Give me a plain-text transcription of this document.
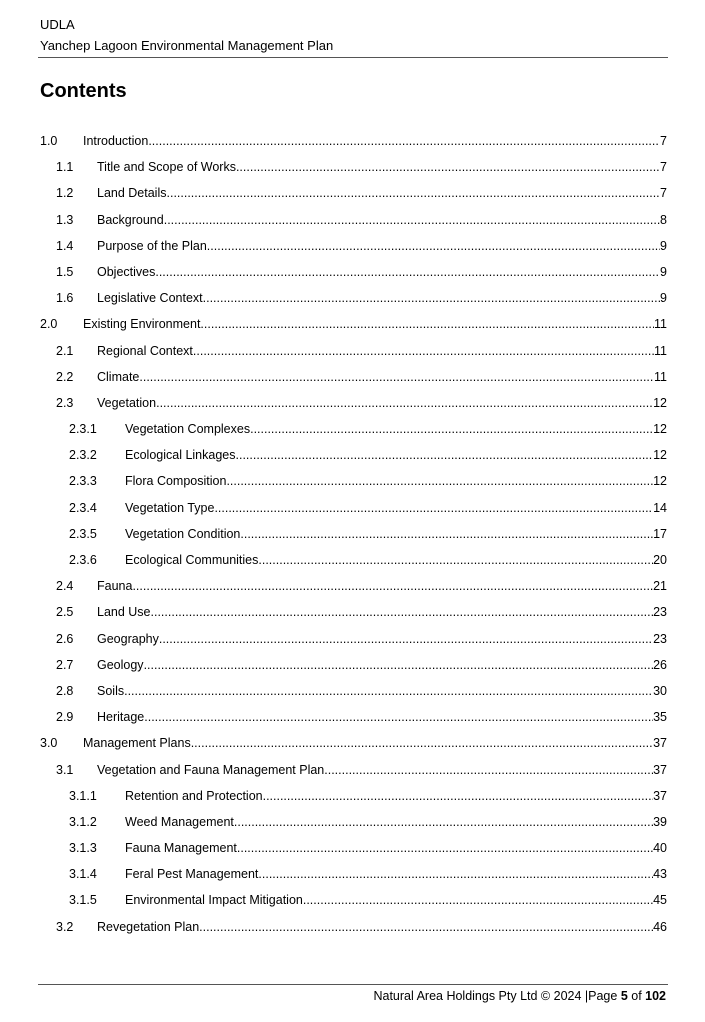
UDLA
Yanchep Lagoon Environmental Management Plan
Contents
1.0 Introduction .....	7
1.1 Title and Scope of Works .....	7
1.2 Land Details .....	7
1.3 Background .....	8
1.4 Purpose of the Plan .....	9
1.5 Objectives .....	9
1.6 Legislative Context .....	9
2.0 Existing Environment .....	11
2.1 Regional Context .....	11
2.2 Climate .....	11
2.3 Vegetation .....	12
2.3.1 Vegetation Complexes .....	12
2.3.2 Ecological Linkages .....	12
2.3.3 Flora Composition .....	12
2.3.4 Vegetation Type .....	14
2.3.5 Vegetation Condition .....	17
2.3.6 Ecological Communities .....	20
2.4 Fauna .....	21
2.5 Land Use .....	23
2.6 Geography .....	23
2.7 Geology .....	26
2.8 Soils .....	30
2.9 Heritage .....	35
3.0 Management Plans .....	37
3.1 Vegetation and Fauna Management Plan .....	37
3.1.1 Retention and Protection .....	37
3.1.2 Weed Management .....	39
3.1.3 Fauna Management .....	40
3.1.4 Feral Pest Management .....	43
3.1.5 Environmental Impact Mitigation .....	45
3.2 Revegetation Plan .....	46
Natural Area Holdings Pty Ltd © 2024 |Page 5 of 102
